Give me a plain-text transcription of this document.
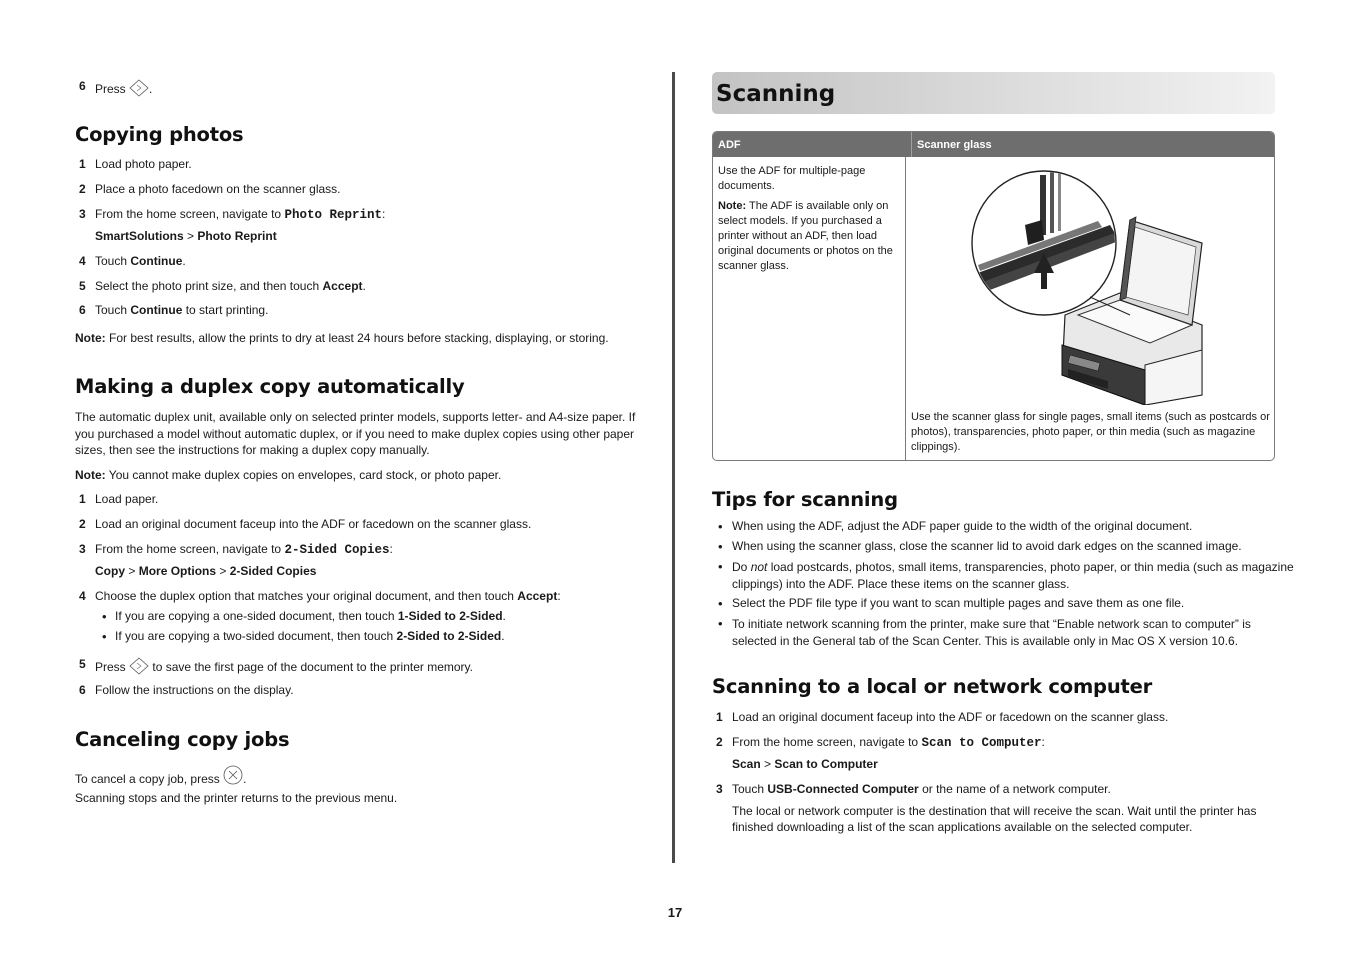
6 Press .
Copying photos
1 Load photo paper.
2 Place a photo facedown on the scanner glass.
3 From the home screen, navigate to Photo Reprint:
SmartSolutions > Photo Reprint
4 Touch Continue.
5 Select the photo print size, and then touch Accept.
6 Touch Continue to start printing.

Note: For best results, allow the prints to dry at least 24 hours before stacking, displaying, or storing.

Making a duplex copy automatically

The automatic duplex unit, available only on selected printer models, supports letter- and A4-size paper. If you purchased a model without automatic duplex, or if you need to make duplex copies using other paper sizes, then see the instructions for making a duplex copy manually.

Note: You cannot make duplex copies on envelopes, card stock, or photo paper.

1 Load paper.
2 Load an original document faceup into the ADF or facedown on the scanner glass.
3 From the home screen, navigate to 2-Sided Copies:
Copy > More Options > 2-Sided Copies
4 Choose the duplex option that matches your original document, and then touch Accept:
• If you are copying a one-sided document, then touch 1-Sided to 2-Sided.
• If you are copying a two-sided document, then touch 2-Sided to 2-Sided.
5 Press to save the first page of the document to the printer memory.
6 Follow the instructions on the display.
Canceling copy jobs

To cancel a copy job, press .

Scanning stops and the printer returns to the previous menu.

Scanning
ADF	Scanner glass

Use the ADF for multiple-page documents.

Note: The ADF is available only on select models. If you purchased a printer without an ADF, then load original documents or photos on the scanner glass.

Use the scanner glass for single pages, small items (such as postcards or photos), transparencies, photo paper, or thin media (such as magazine clippings).

Tips for scanning
• When using the ADF, adjust the ADF paper guide to the width of the original document.
• When using the scanner glass, close the scanner lid to avoid dark edges on the scanned image.
• Do not load postcards, photos, small items, transparencies, photo paper, or thin media (such as magazine clippings) into the ADF. Place these items on the scanner glass.
• Select the PDF file type if you want to scan multiple pages and save them as one file.
• To initiate network scanning from the printer, make sure that “Enable network scan to computer” is selected in the General tab of the Scan Center. This is available only in Mac OS X version 10.6.
Scanning to a local or network computer
1 Load an original document faceup into the ADF or facedown on the scanner glass.
2 From the home screen, navigate to Scan to Computer:
Scan > Scan to Computer
3 Touch USB-Connected Computer or the name of a network computer.

The local or network computer is the destination that will receive the scan. Wait until the printer has finished downloading a list of the scan applications available on the selected computer.

17
